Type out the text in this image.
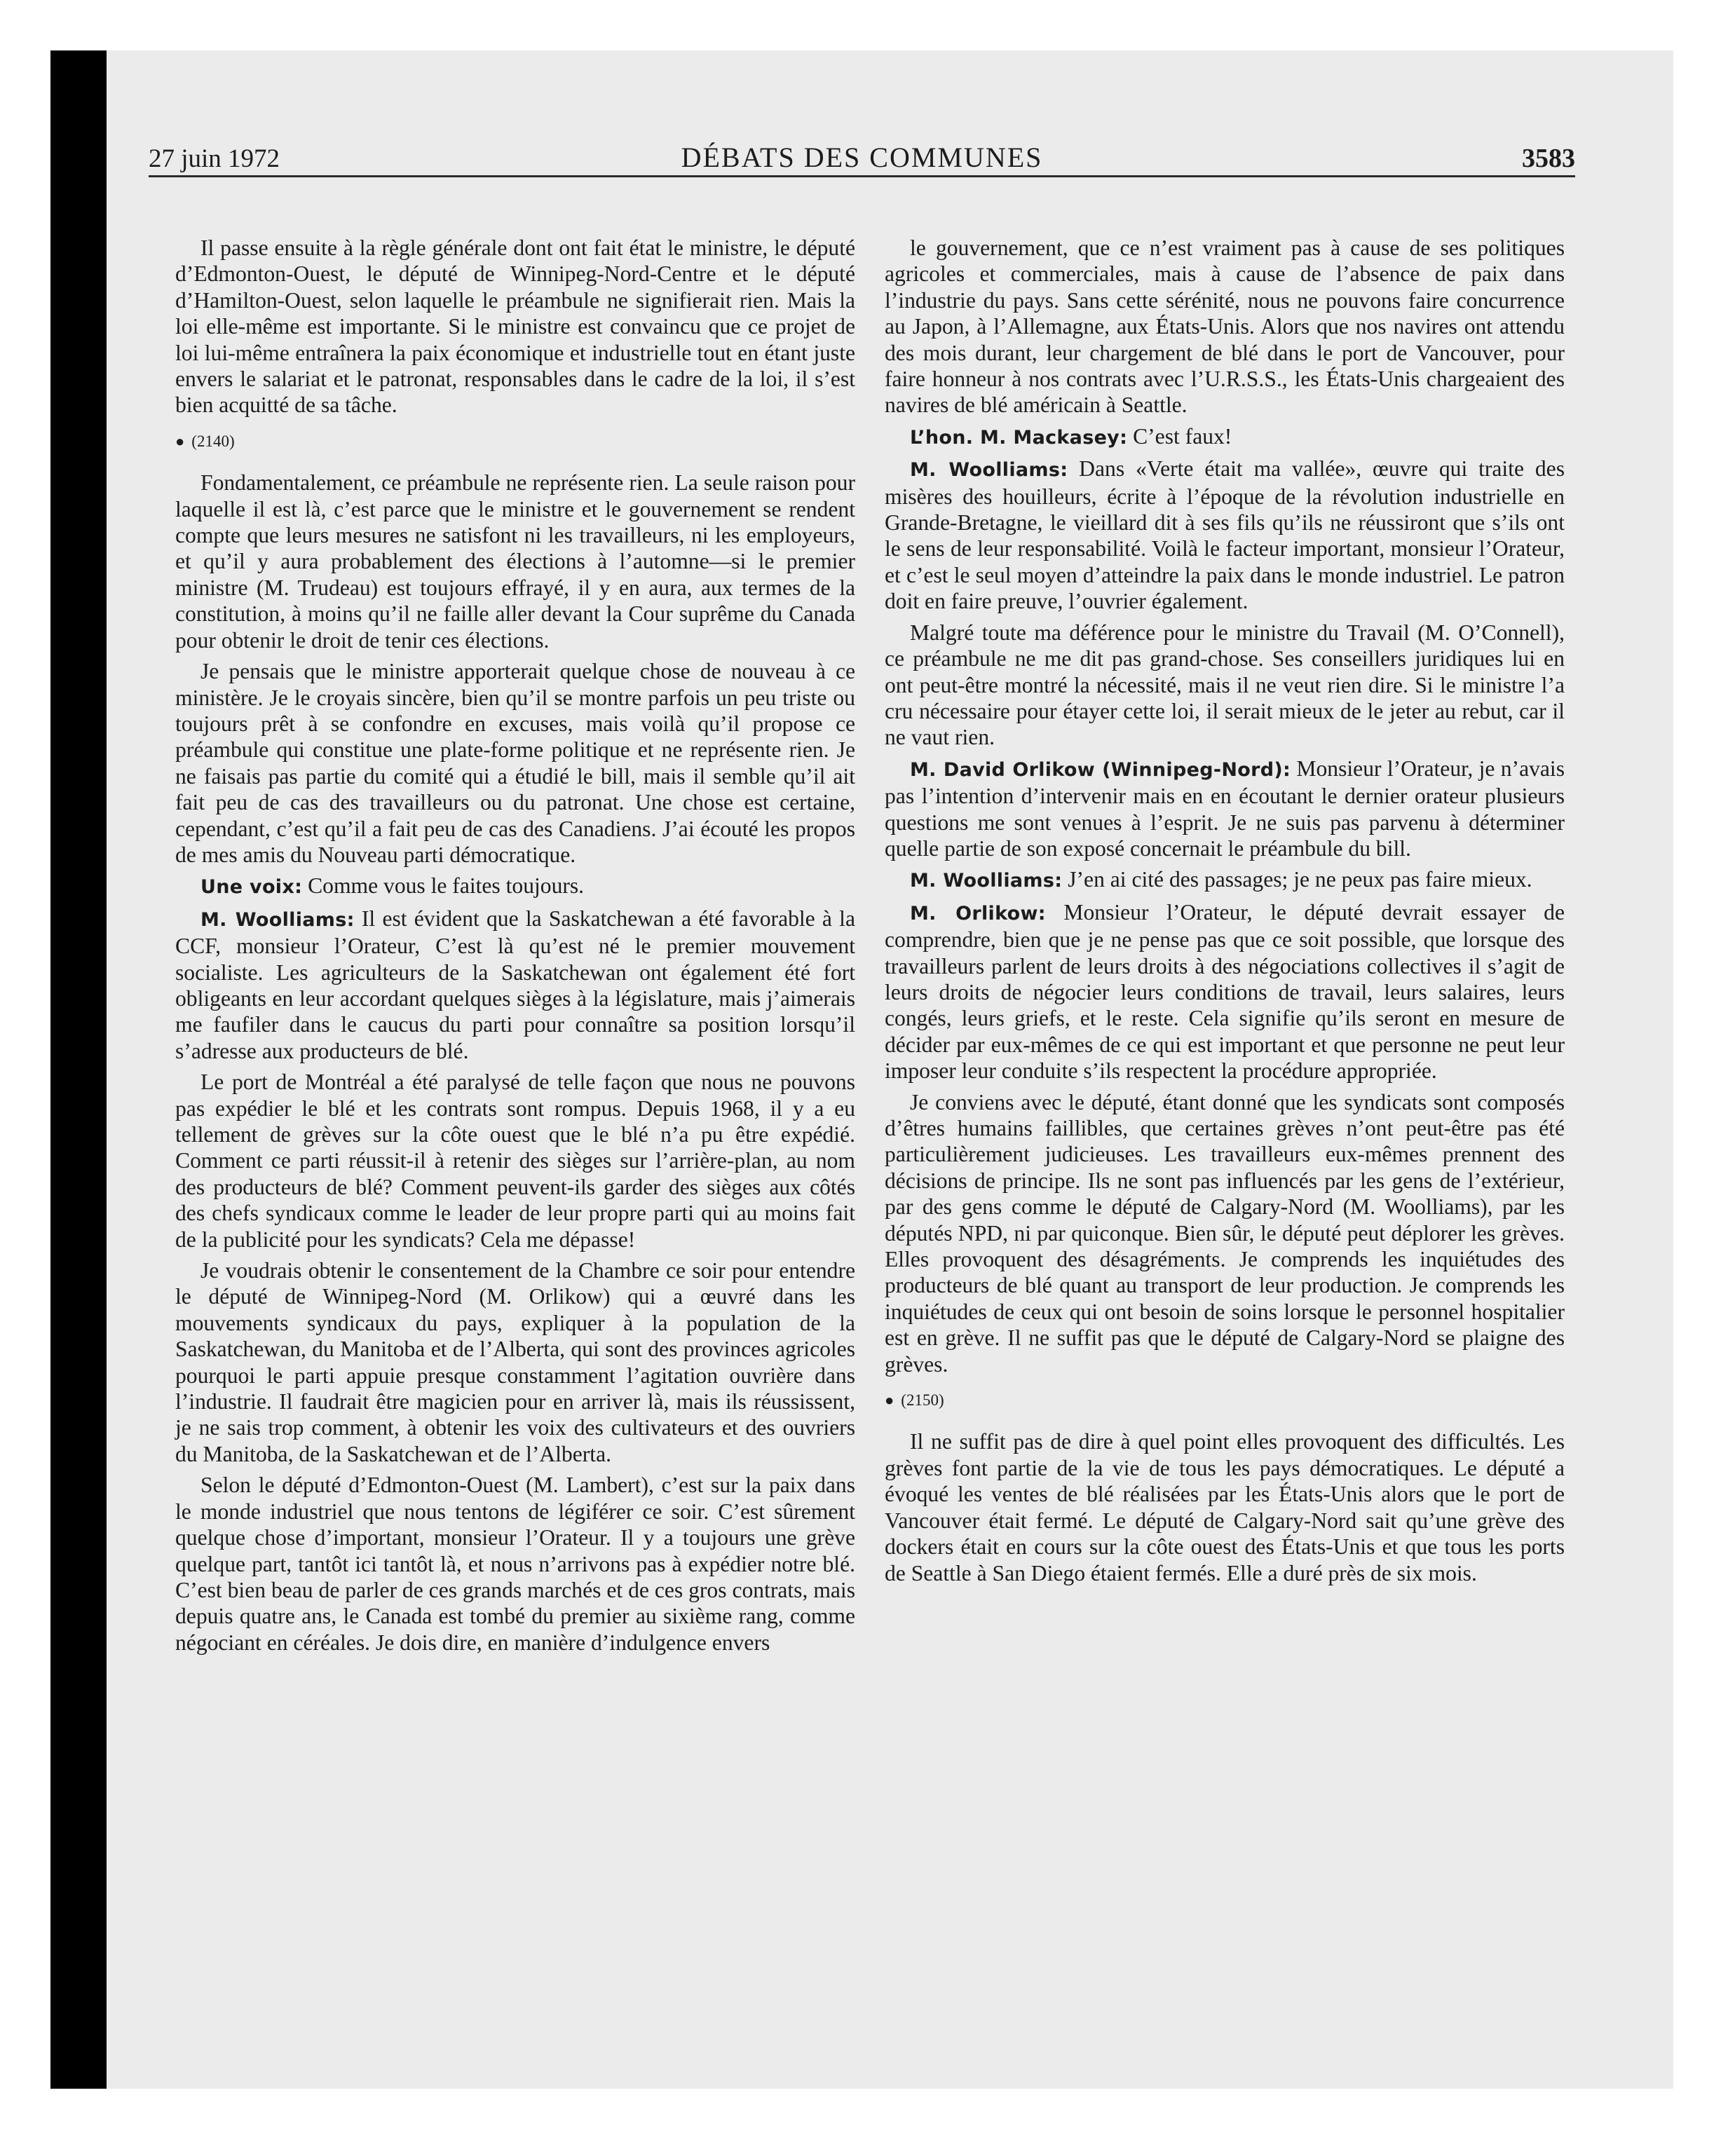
27 juin 1972	DÉBATS DES COMMUNES	3583

Il passe ensuite à la règle générale dont ont fait état le ministre, le député d’Edmonton-Ouest, le député de Winnipeg-Nord-Centre et le député d’Hamilton-Ouest, selon laquelle le préambule ne signifierait rien. Mais la loi elle-même est importante. Si le ministre est convaincu que ce projet de loi lui-même entraînera la paix économique et industrielle tout en étant juste envers le salariat et le patronat, responsables dans le cadre de la loi, il s’est bien acquitté de sa tâche.

● (2140)

Fondamentalement, ce préambule ne représente rien. La seule raison pour laquelle il est là, c’est parce que le ministre et le gouvernement se rendent compte que leurs mesures ne satisfont ni les travailleurs, ni les employeurs, et qu’il y aura probablement des élections à l’automne—si le premier ministre (M. Trudeau) est toujours effrayé, il y en aura, aux termes de la constitution, à moins qu’il ne faille aller devant la Cour suprême du Canada pour obtenir le droit de tenir ces élections.

Je pensais que le ministre apporterait quelque chose de nouveau à ce ministère. Je le croyais sincère, bien qu’il se montre parfois un peu triste ou toujours prêt à se confondre en excuses, mais voilà qu’il propose ce préambule qui constitue une plate-forme politique et ne représente rien. Je ne faisais pas partie du comité qui a étudié le bill, mais il semble qu’il ait fait peu de cas des travailleurs ou du patronat. Une chose est certaine, cependant, c’est qu’il a fait peu de cas des Canadiens. J’ai écouté les propos de mes amis du Nouveau parti démocratique.

Une voix: Comme vous le faites toujours.

M. Woolliams: Il est évident que la Saskatchewan a été favorable à la CCF, monsieur l’Orateur, C’est là qu’est né le premier mouvement socialiste. Les agriculteurs de la Saskatchewan ont également été fort obligeants en leur accordant quelques sièges à la législature, mais j’aimerais me faufiler dans le caucus du parti pour connaître sa position lorsqu’il s’adresse aux producteurs de blé.

Le port de Montréal a été paralysé de telle façon que nous ne pouvons pas expédier le blé et les contrats sont rompus. Depuis 1968, il y a eu tellement de grèves sur la côte ouest que le blé n’a pu être expédié. Comment ce parti réussit-il à retenir des sièges sur l’arrière-plan, au nom des producteurs de blé? Comment peuvent-ils garder des sièges aux côtés des chefs syndicaux comme le leader de leur propre parti qui au moins fait de la publicité pour les syndicats? Cela me dépasse!

Je voudrais obtenir le consentement de la Chambre ce soir pour entendre le député de Winnipeg-Nord (M. Orlikow) qui a œuvré dans les mouvements syndicaux du pays, expliquer à la population de la Saskatchewan, du Manitoba et de l’Alberta, qui sont des provinces agricoles pourquoi le parti appuie presque constamment l’agitation ouvrière dans l’industrie. Il faudrait être magicien pour en arriver là, mais ils réussissent, je ne sais trop comment, à obtenir les voix des cultivateurs et des ouvriers du Manitoba, de la Saskatchewan et de l’Alberta.

Selon le député d’Edmonton-Ouest (M. Lambert), c’est sur la paix dans le monde industriel que nous tentons de légiférer ce soir. C’est sûrement quelque chose d’important, monsieur l’Orateur. Il y a toujours une grève quelque part, tantôt ici tantôt là, et nous n’arrivons pas à expédier notre blé. C’est bien beau de parler de ces grands marchés et de ces gros contrats, mais depuis quatre ans, le Canada est tombé du premier au sixième rang, comme négociant en céréales. Je dois dire, en manière d’indulgence envers

le gouvernement, que ce n’est vraiment pas à cause de ses politiques agricoles et commerciales, mais à cause de l’absence de paix dans l’industrie du pays. Sans cette sérénité, nous ne pouvons faire concurrence au Japon, à l’Allemagne, aux États-Unis. Alors que nos navires ont attendu des mois durant, leur chargement de blé dans le port de Vancouver, pour faire honneur à nos contrats avec l’U.R.S.S., les États-Unis chargeaient des navires de blé américain à Seattle.

L’hon. M. Mackasey: C’est faux!

M. Woolliams: Dans «Verte était ma vallée», œuvre qui traite des misères des houilleurs, écrite à l’époque de la révolution industrielle en Grande-Bretagne, le vieillard dit à ses fils qu’ils ne réussiront que s’ils ont le sens de leur responsabilité. Voilà le facteur important, monsieur l’Orateur, et c’est le seul moyen d’atteindre la paix dans le monde industriel. Le patron doit en faire preuve, l’ouvrier également.

Malgré toute ma déférence pour le ministre du Travail (M. O’Connell), ce préambule ne me dit pas grand-chose. Ses conseillers juridiques lui en ont peut-être montré la nécessité, mais il ne veut rien dire. Si le ministre l’a cru nécessaire pour étayer cette loi, il serait mieux de le jeter au rebut, car il ne vaut rien.

M. David Orlikow (Winnipeg-Nord): Monsieur l’Orateur, je n’avais pas l’intention d’intervenir mais en en écoutant le dernier orateur plusieurs questions me sont venues à l’esprit. Je ne suis pas parvenu à déterminer quelle partie de son exposé concernait le préambule du bill.

M. Woolliams: J’en ai cité des passages; je ne peux pas faire mieux.

M. Orlikow: Monsieur l’Orateur, le député devrait essayer de comprendre, bien que je ne pense pas que ce soit possible, que lorsque des travailleurs parlent de leurs droits à des négociations collectives il s’agit de leurs droits de négocier leurs conditions de travail, leurs salaires, leurs congés, leurs griefs, et le reste. Cela signifie qu’ils seront en mesure de décider par eux-mêmes de ce qui est important et que personne ne peut leur imposer leur conduite s’ils respectent la procédure appropriée.

Je conviens avec le député, étant donné que les syndicats sont composés d’êtres humains faillibles, que certaines grèves n’ont peut-être pas été particulièrement judicieuses. Les travailleurs eux-mêmes prennent des décisions de principe. Ils ne sont pas influencés par les gens de l’extérieur, par des gens comme le député de Calgary-Nord (M. Woolliams), par les députés NPD, ni par quiconque. Bien sûr, le député peut déplorer les grèves. Elles provoquent des désagréments. Je comprends les inquiétudes des producteurs de blé quant au transport de leur production. Je comprends les inquiétudes de ceux qui ont besoin de soins lorsque le personnel hospitalier est en grève. Il ne suffit pas que le député de Calgary-Nord se plaigne des grèves.

● (2150)

Il ne suffit pas de dire à quel point elles provoquent des difficultés. Les grèves font partie de la vie de tous les pays démocratiques. Le député a évoqué les ventes de blé réalisées par les États-Unis alors que le port de Vancouver était fermé. Le député de Calgary-Nord sait qu’une grève des dockers était en cours sur la côte ouest des États-Unis et que tous les ports de Seattle à San Diego étaient fermés. Elle a duré près de six mois.
